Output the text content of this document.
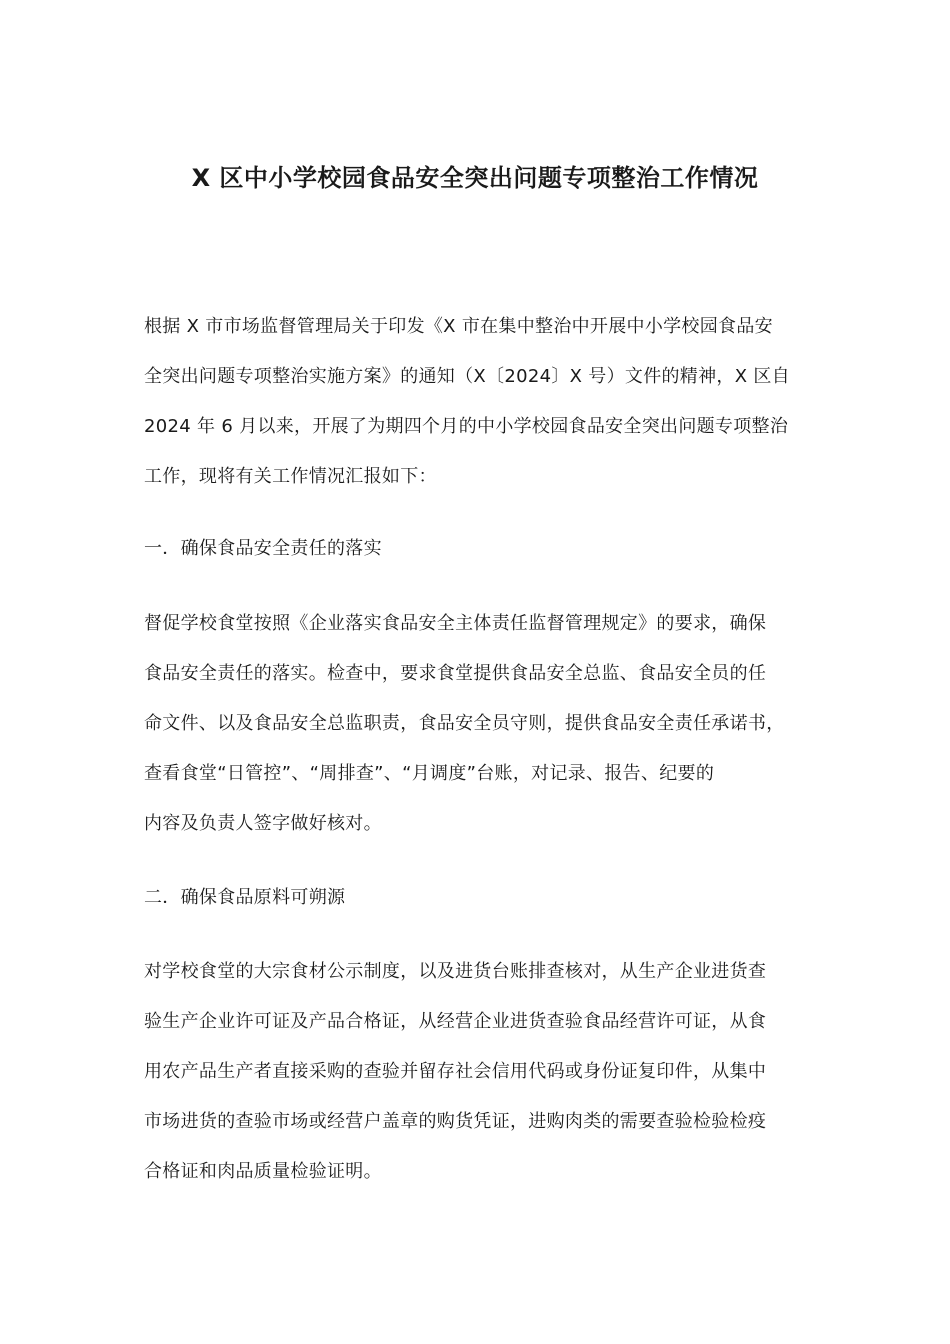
X 区中小学校园食品安全突出问题专项整治工作情况
根据 X 市市场监督管理局关于印发《X 市在集中整治中开展中小学校园食品安
全突出问题专项整治实施方案》的通知（X〔2024〕X 号）文件的精神，X 区自
2024 年 6 月以来，开展了为期四个月的中小学校园食品安全突出问题专项整治
工作，现将有关工作情况汇报如下：
一．确保食品安全责任的落实
督促学校食堂按照《企业落实食品安全主体责任监督管理规定》的要求，确保
食品安全责任的落实。检查中，要求食堂提供食品安全总监、食品安全员的任
命文件、以及食品安全总监职责，食品安全员守则，提供食品安全责任承诺书，
查看食堂“日管控”、“周排查”、“月调度”台账，对记录、报告、纪要的
内容及负责人签字做好核对。
二．确保食品原料可朔源
对学校食堂的大宗食材公示制度，以及进货台账排查核对，从生产企业进货查
验生产企业许可证及产品合格证，从经营企业进货查验食品经营许可证，从食
用农产品生产者直接采购的查验并留存社会信用代码或身份证复印件，从集中
市场进货的查验市场或经营户盖章的购货凭证，进购肉类的需要查验检验检疫
合格证和肉品质量检验证明。
